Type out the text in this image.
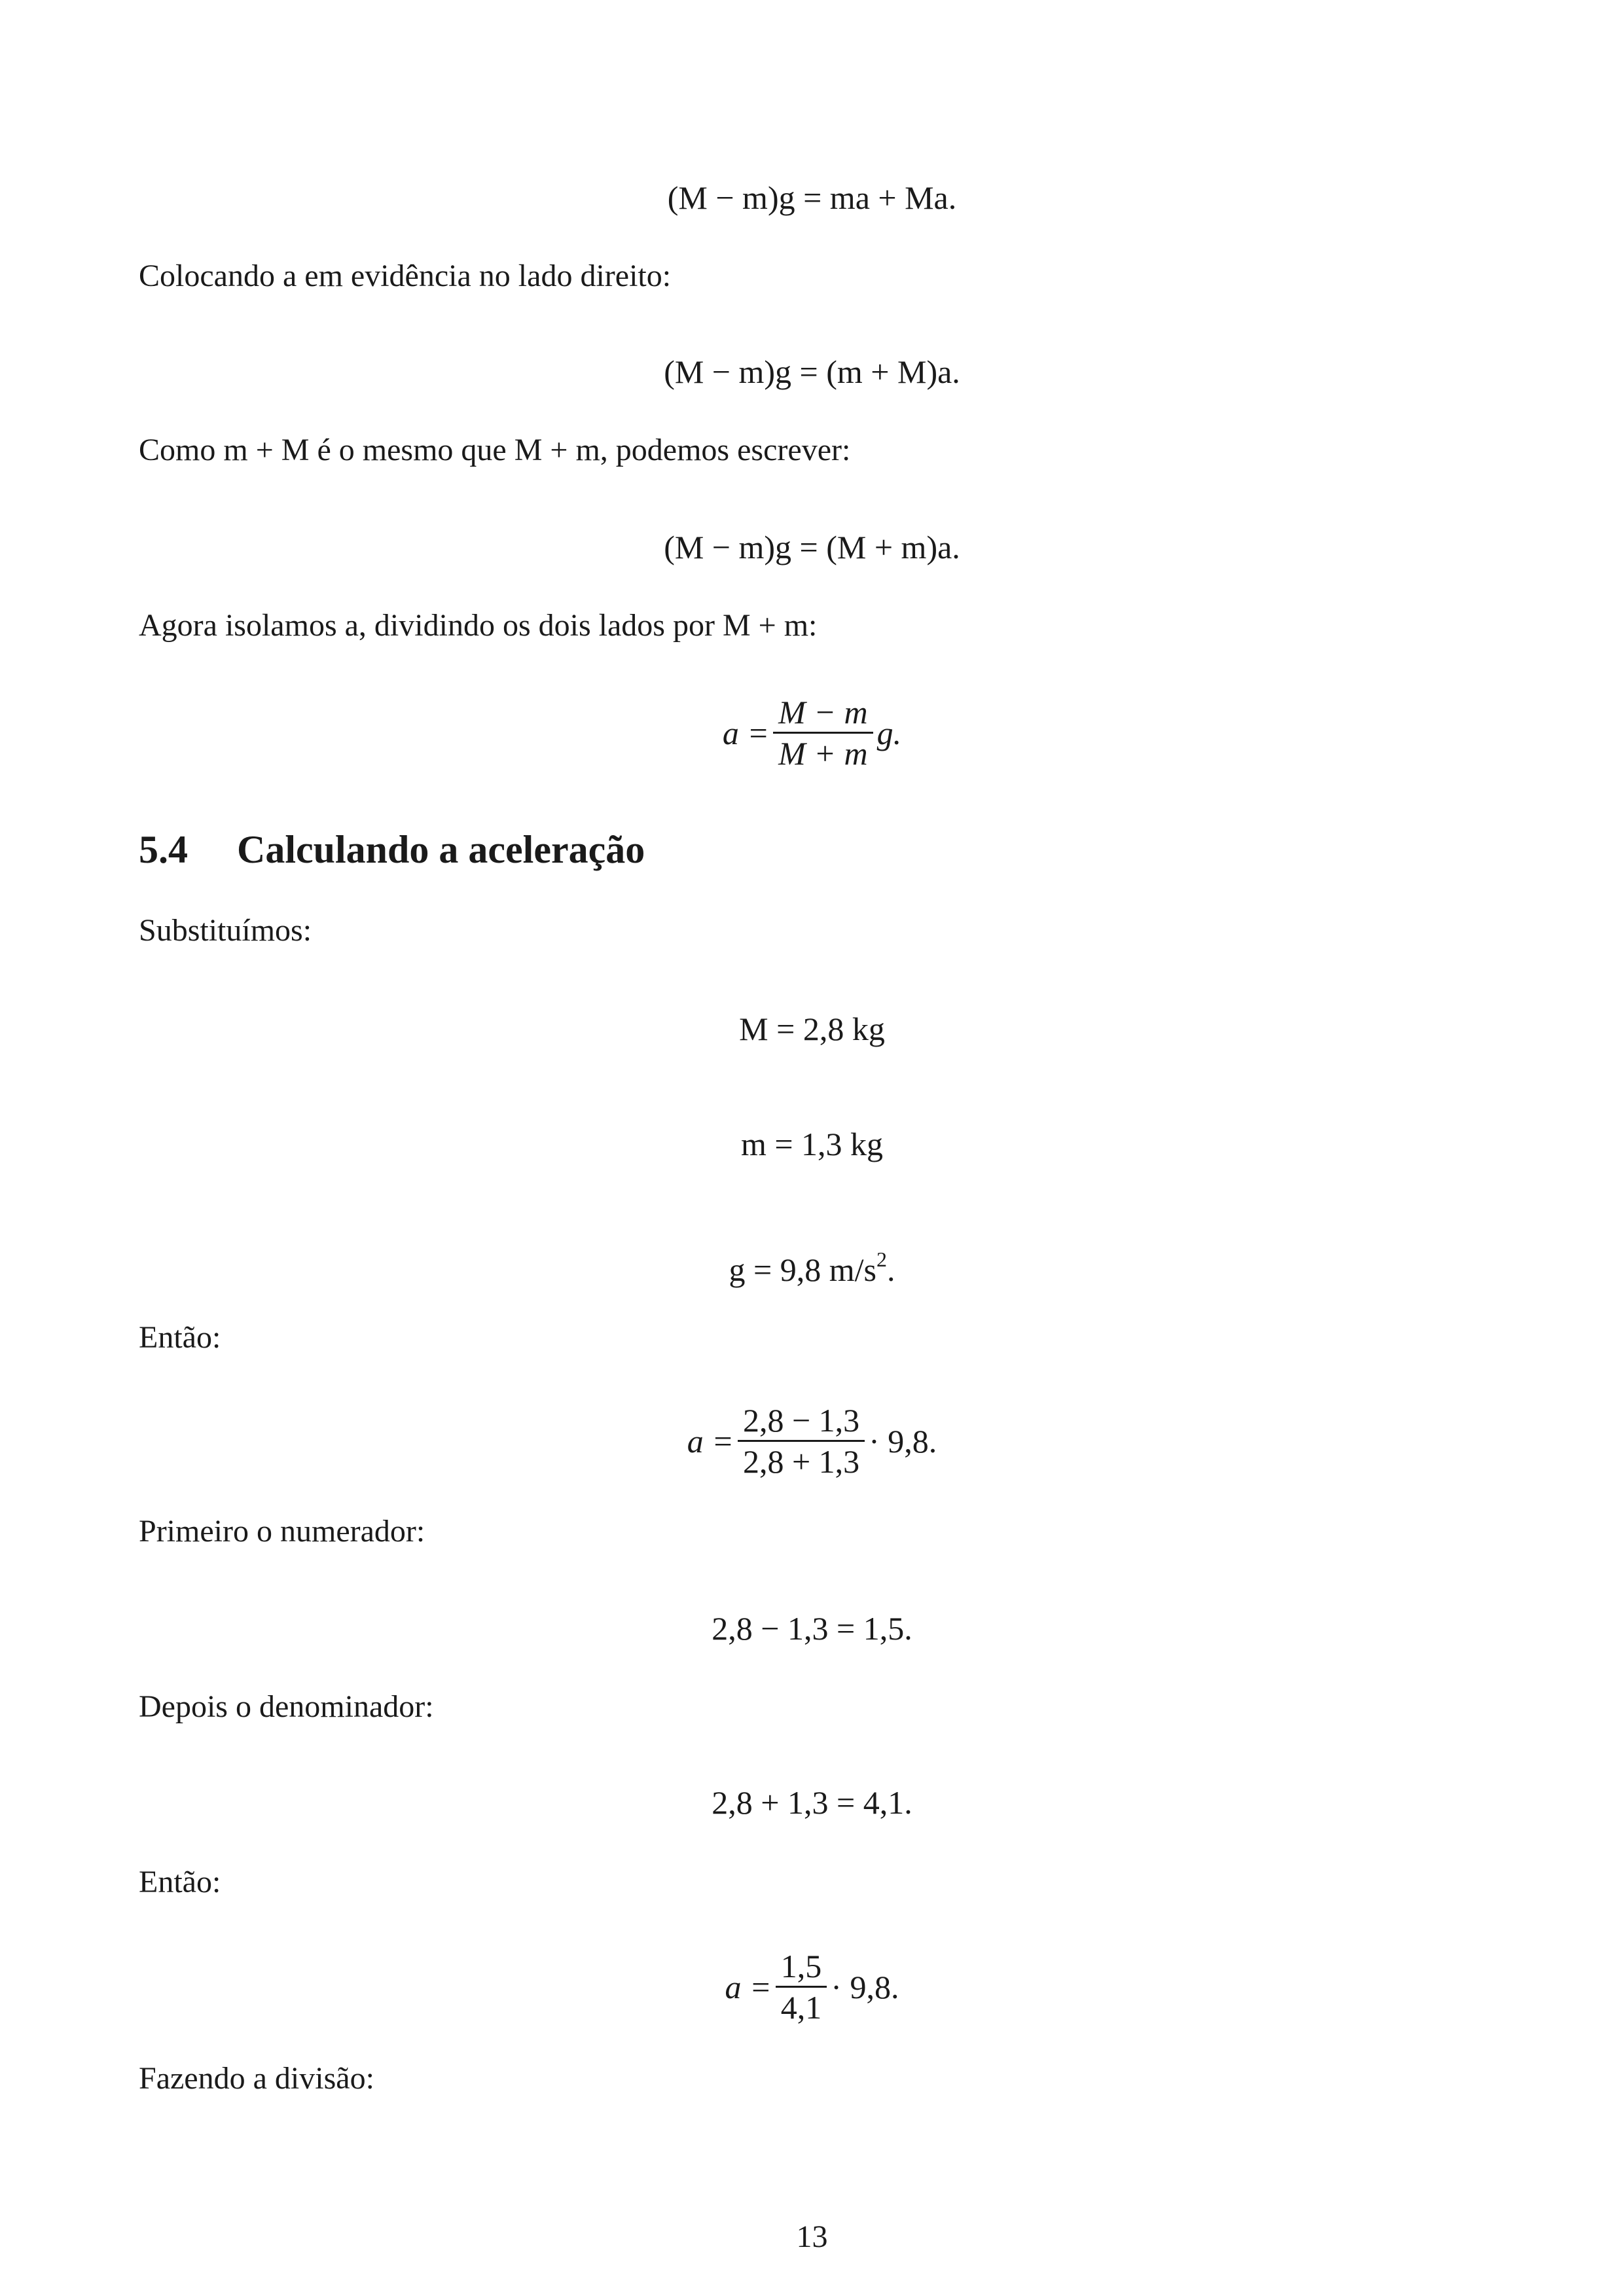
(M − m)g = ma + Ma.
Colocando a em evidência no lado direito:
(M − m)g = (m + M)a.
Como m + M é o mesmo que M + m, podemos escrever:
(M − m)g = (M + m)a.
Agora isolamos a, dividindo os dois lados por M + m:
$a = \frac{M - m}{M + m} g$.
5.4 Calculando a aceleração
Substituímos:
M = 2,8 kg
m = 1,3 kg
g = 9,8 $m/s^2$.
Então:
$a = \frac{2,8 - 1,3}{2,8 + 1,3} \cdot 9,8$.
Primeiro o numerador:
2,8 − 1,3 = 1,5.
Depois o denominador:
2,8 + 1,3 = 4,1.
Então:
$a = \frac{1,5}{4,1} \cdot 9,8$.
Fazendo a divisão:
13
